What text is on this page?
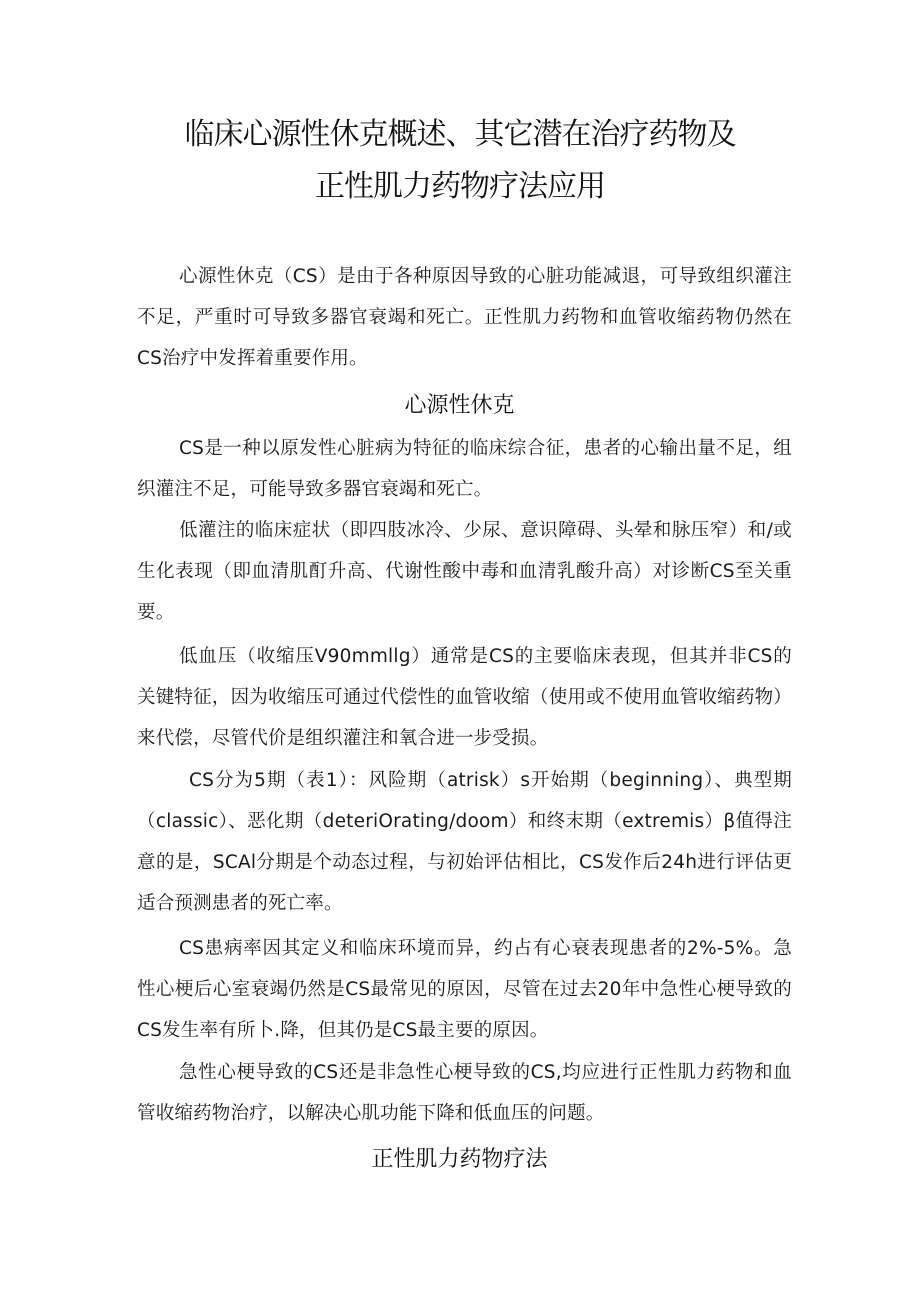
临床心源性休克概述、其它潜在治疗药物及
正性肌力药物疗法应用

心源性休克（CS）是由于各种原因导致的心脏功能减退，可导致组织灌注不足，严重时可导致多器官衰竭和死亡。正性肌力药物和血管收缩药物仍然在CS治疗中发挥着重要作用。

心源性休克

CS是一种以原发性心脏病为特征的临床综合征，患者的心输出量不足，组织灌注不足，可能导致多器官衰竭和死亡。

低灌注的临床症状（即四肢冰冷、少尿、意识障碍、头晕和脉压窄）和/或生化表现（即血清肌酊升高、代谢性酸中毒和血清乳酸升高）对诊断CS至关重要。

低血压（收缩压V90mmllg）通常是CS的主要临床表现，但其并非CS的关键特征，因为收缩压可通过代偿性的血管收缩（使用或不使用血管收缩药物）来代偿，尽管代价是组织灌注和氧合进一步受损。

CS分为5期（表1）：风险期（atrisk）s开始期（beginning）、典型期（classic）、恶化期（deteriOrating/doom）和终末期（extremis）β值得注意的是，SCAl分期是个动态过程，与初始评估相比，CS发作后24h进行评估更适合预测患者的死亡率。

CS患病率因其定义和临床环境而异，约占有心衰表现患者的2%-5%。急性心梗后心室衰竭仍然是CS最常见的原因，尽管在过去20年中急性心梗导致的CS发生率有所卜.降，但其仍是CS最主要的原因。

急性心梗导致的CS还是非急性心梗导致的CS,均应进行正性肌力药物和血管收缩药物治疗，以解决心肌功能下降和低血压的问题。

正性肌力药物疗法
